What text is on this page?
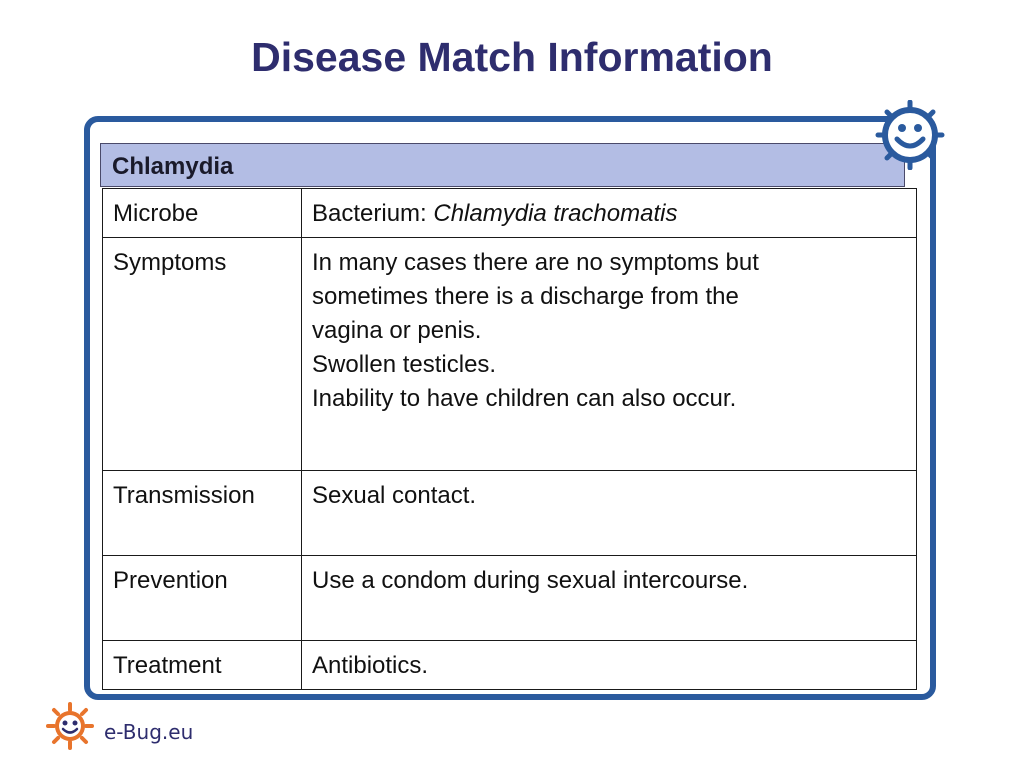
Disease Match Information
Chlamydia
Microbe	Bacterium: Chlamydia trachomatis
Symptoms	In many cases there are no symptoms but
sometimes there is a discharge from the
vagina or penis.
Swollen testicles.
Inability to have children can also occur.

Transmission	Sexual contact.
Prevention	Use a condom during sexual intercourse.
Treatment	Antibiotics.
e-Bug.eu
